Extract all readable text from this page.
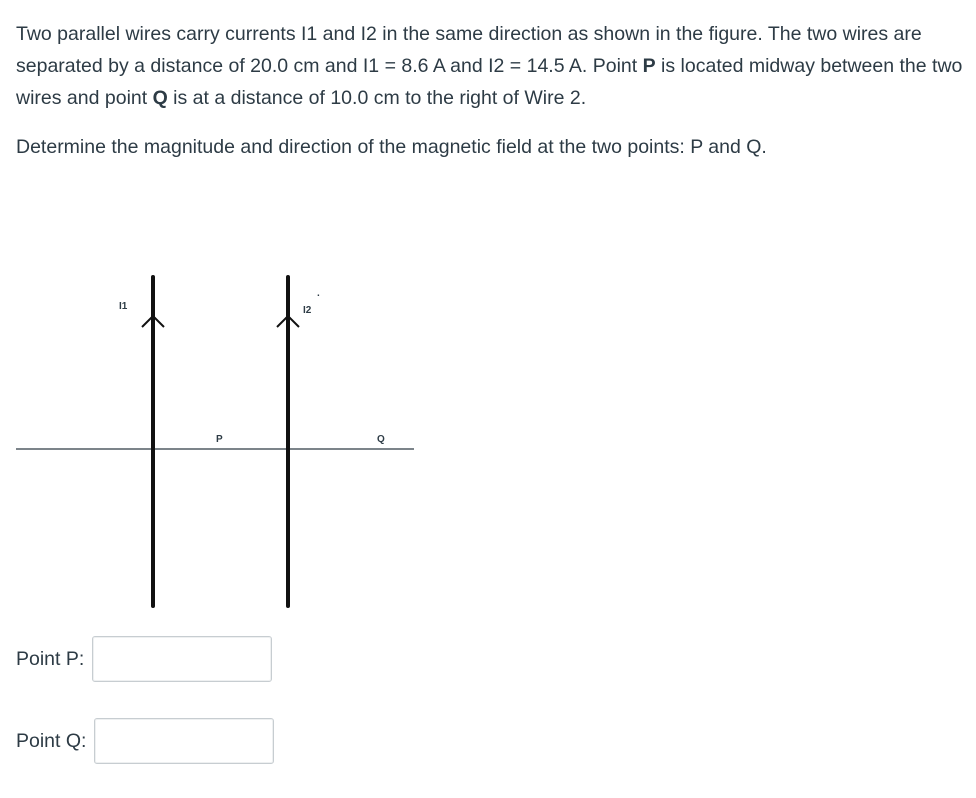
Two parallel wires carry currents I1 and I2 in the same direction as shown in the figure. The two wires are separated by a distance of 20.0 cm and I1 = 8.6 A and I2 = 14.5 A. Point P is located midway between the two wires and point Q is at a distance of 10.0 cm to the right of Wire 2.

Determine the magnitude and direction of the magnetic field at the two points: P and Q.

I1	I2
.
P	Q
Point P:
Point Q:
